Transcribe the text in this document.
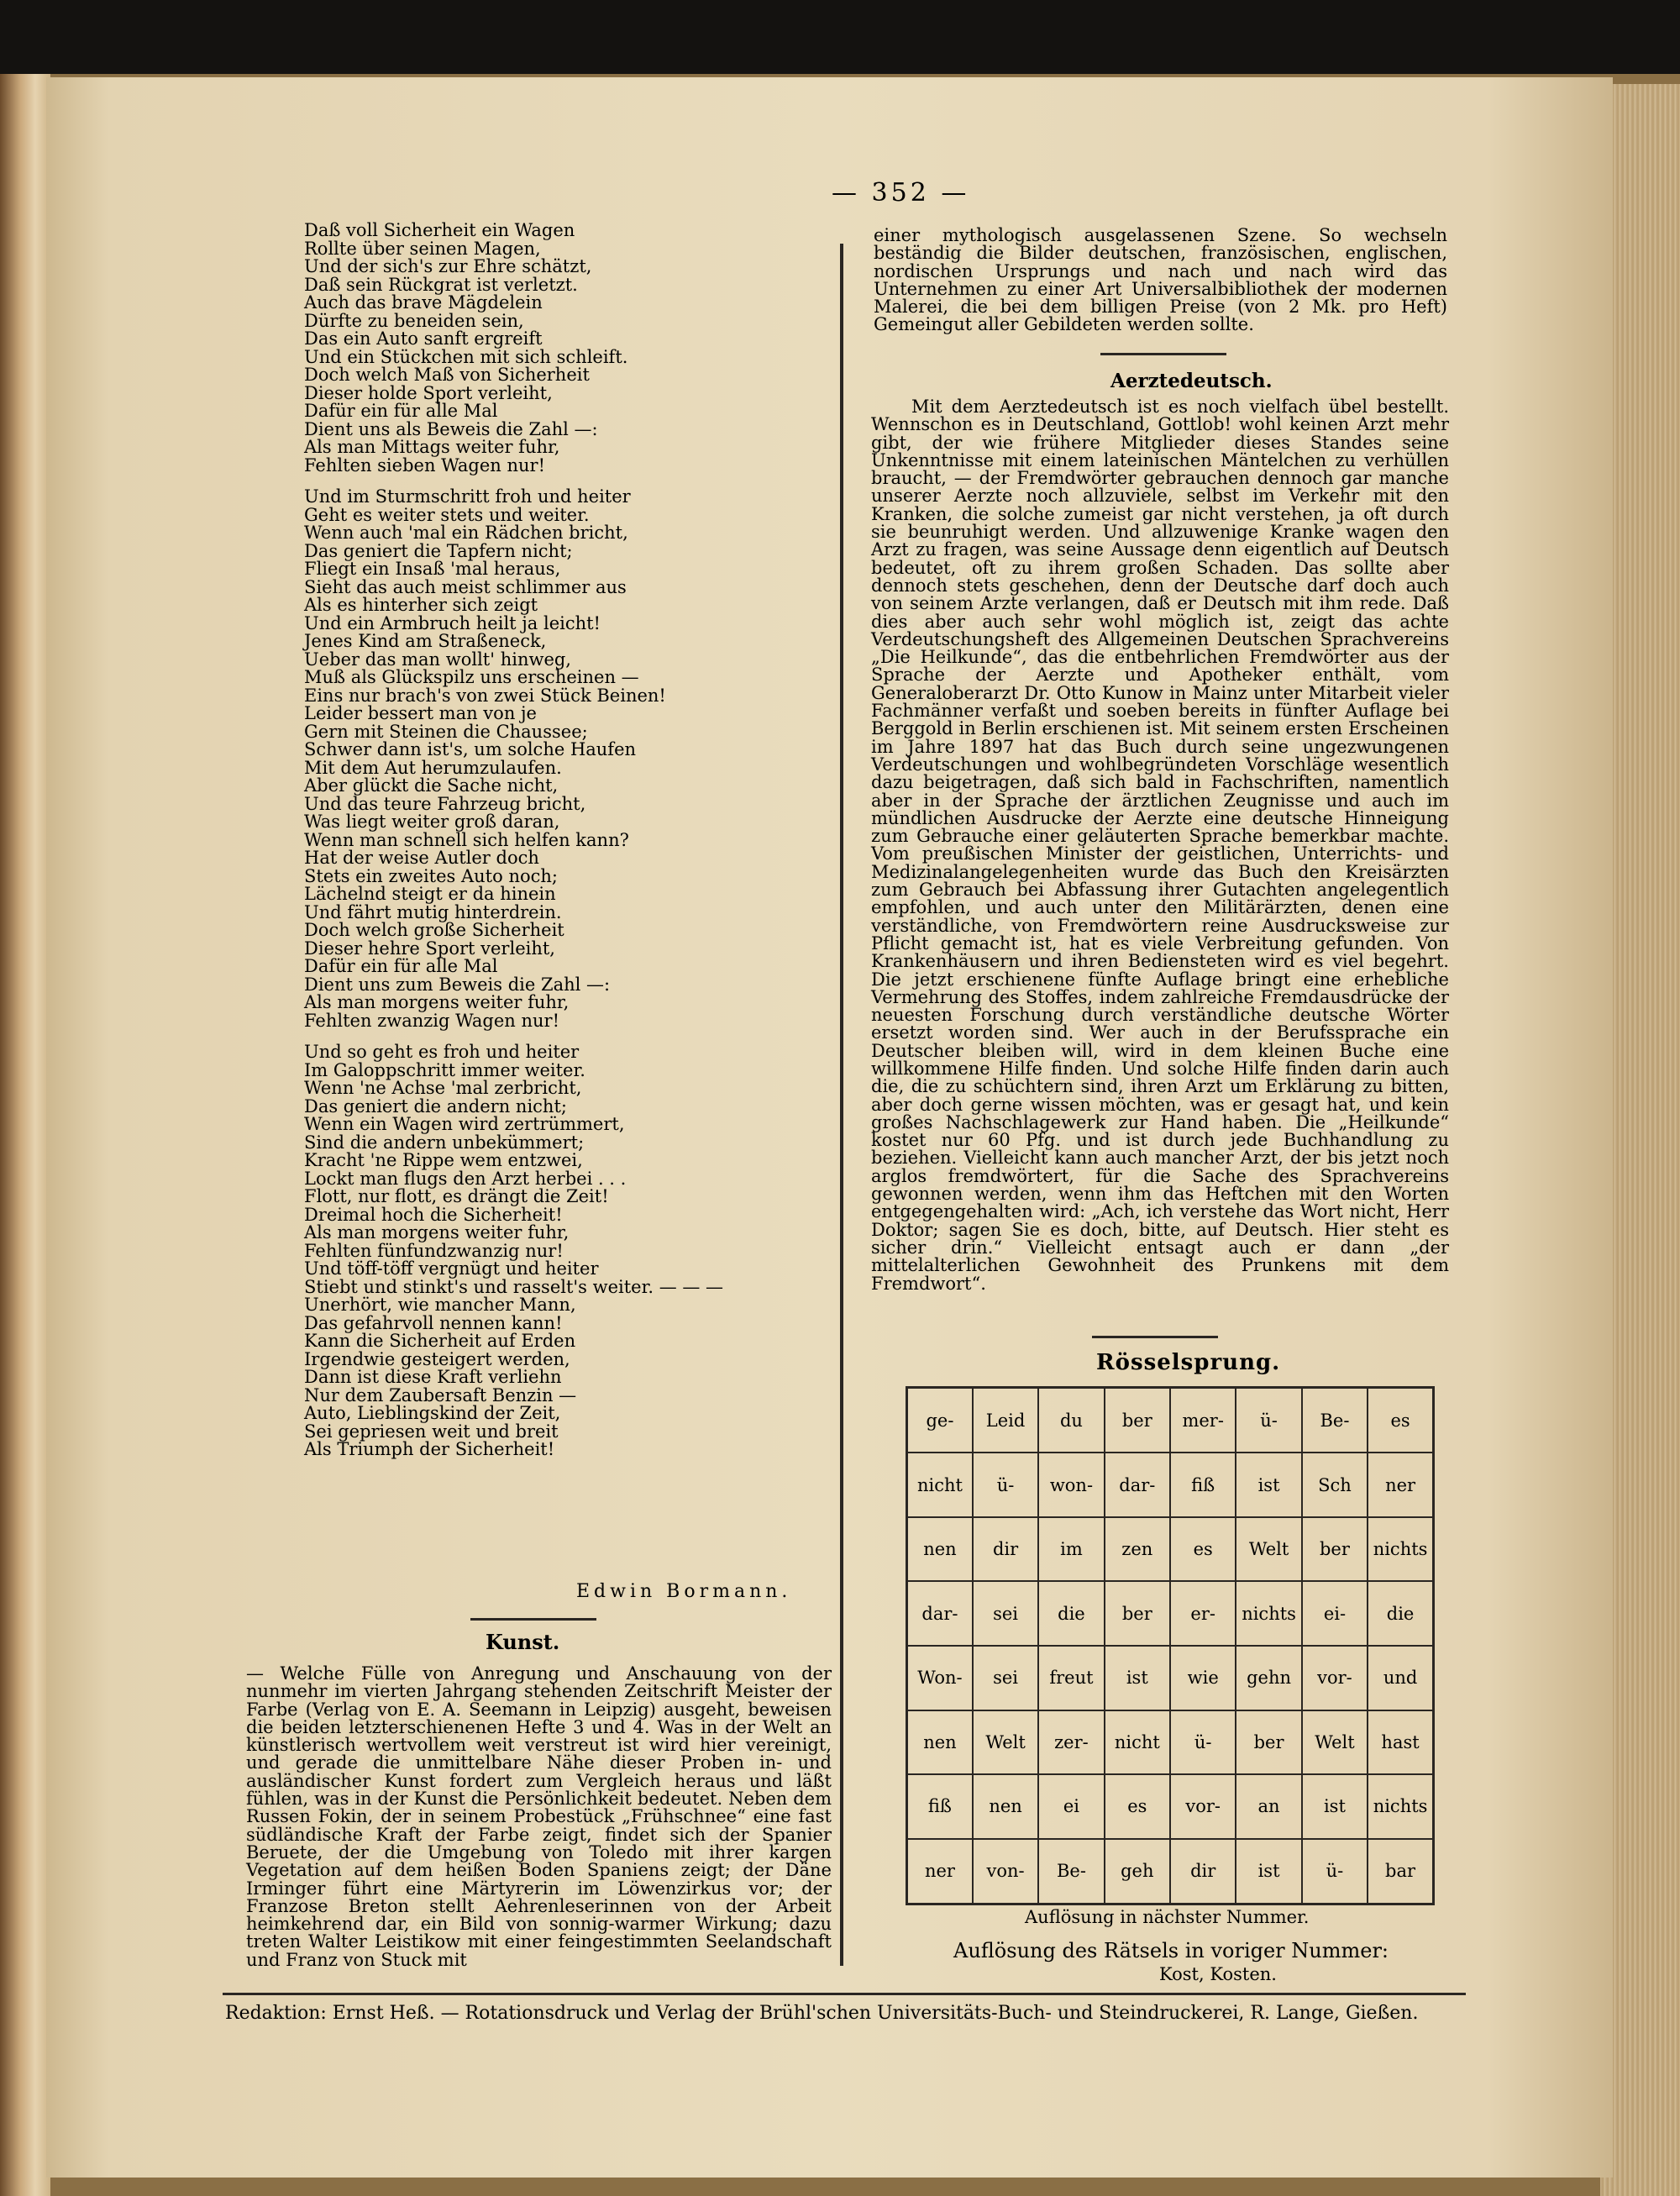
— 352 —
Daß voll Sicherheit ein Wagen
Rollte über seinen Magen,
Und der sich's zur Ehre schätzt,
Daß sein Rückgrat ist verletzt.
Auch das brave Mägdelein
Dürfte zu beneiden sein,
Das ein Auto sanft ergreift
Und ein Stückchen mit sich schleift.
Doch welch Maß von Sicherheit
Dieser holde Sport verleiht,
Dafür ein für alle Mal
Dient uns als Beweis die Zahl —:
Als man Mittags weiter fuhr,
Fehlten sieben Wagen nur!
Und im Sturmschritt froh und heiter
Geht es weiter stets und weiter.
Wenn auch 'mal ein Rädchen bricht,
Das geniert die Tapfern nicht;
Fliegt ein Insaß 'mal heraus,
Sieht das auch meist schlimmer aus
Als es hinterher sich zeigt
Und ein Armbruch heilt ja leicht!
Jenes Kind am Straßeneck,
Ueber das man wollt' hinweg,
Muß als Glückspilz uns erscheinen —
Eins nur brach's von zwei Stück Beinen!
Leider bessert man von je
Gern mit Steinen die Chaussee;
Schwer dann ist's, um solche Haufen
Mit dem Aut herumzulaufen.
Aber glückt die Sache nicht,
Und das teure Fahrzeug bricht,
Was liegt weiter groß daran,
Wenn man schnell sich helfen kann?
Hat der weise Autler doch
Stets ein zweites Auto noch;
Lächelnd steigt er da hinein
Und fährt mutig hinterdrein.
Doch welch große Sicherheit
Dieser hehre Sport verleiht,
Dafür ein für alle Mal
Dient uns zum Beweis die Zahl —:
Als man morgens weiter fuhr,
Fehlten zwanzig Wagen nur!
Und so geht es froh und heiter
Im Galoppschritt immer weiter.
Wenn 'ne Achse 'mal zerbricht,
Das geniert die andern nicht;
Wenn ein Wagen wird zertrümmert,
Sind die andern unbekümmert;
Kracht 'ne Rippe wem entzwei,
Lockt man flugs den Arzt herbei . . .
Flott, nur flott, es drängt die Zeit!
Dreimal hoch die Sicherheit!
Als man morgens weiter fuhr,
Fehlten fünfundzwanzig nur!
Und töff-töff vergnügt und heiter
Stiebt und stinkt's und rasselt's weiter. — — —
Unerhört, wie mancher Mann,
Das gefahrvoll nennen kann!
Kann die Sicherheit auf Erden
Irgendwie gesteigert werden,
Dann ist diese Kraft verliehn
Nur dem Zaubersaft Benzin —
Auto, Lieblingskind der Zeit,
Sei gepriesen weit und breit
Als Triumph der Sicherheit!
Edwin Bormann.
Kunst.
— Welche Fülle von Anregung und Anschauung von der nunmehr im vierten Jahrgang stehenden Zeitschrift Meister der Farbe (Verlag von E. A. Seemann in Leipzig) ausgeht, beweisen die beiden letzterschienenen Hefte 3 und 4. Was in der Welt an künstlerisch wertvollem weit verstreut ist wird hier vereinigt, und gerade die unmittelbare Nähe dieser Proben in- und ausländischer Kunst fordert zum Vergleich heraus und läßt fühlen, was in der Kunst die Persönlichkeit bedeutet. Neben dem Russen Fokin, der in seinem Probestück „Frühschnee“ eine fast südländische Kraft der Farbe zeigt, findet sich der Spanier Beruete, der die Umgebung von Toledo mit ihrer kargen Vegetation auf dem heißen Boden Spaniens zeigt; der Däne Irminger führt eine Märtyrerin im Löwenzirkus vor; der Franzose Breton stellt Aehrenleserinnen von der Arbeit heimkehrend dar, ein Bild von sonnig-warmer Wirkung; dazu treten Walter Leistikow mit einer feingestimmten Seelandschaft und Franz von Stuck mit
einer mythologisch ausgelassenen Szene. So wechseln beständig die Bilder deutschen, französischen, englischen, nordischen Ursprungs und nach und nach wird das Unternehmen zu einer Art Universalbibliothek der modernen Malerei, die bei dem billigen Preise (von 2 Mk. pro Heft) Gemeingut aller Gebildeten werden sollte.
Aerztedeutsch.
Mit dem Aerztedeutsch ist es noch vielfach übel bestellt. Wennschon es in Deutschland, Gottlob! wohl keinen Arzt mehr gibt, der wie frühere Mitglieder dieses Standes seine Unkenntnisse mit einem lateinischen Mäntelchen zu verhüllen braucht, — der Fremdwörter gebrauchen dennoch gar manche unserer Aerzte noch allzuviele, selbst im Verkehr mit den Kranken, die solche zumeist gar nicht verstehen, ja oft durch sie beunruhigt werden. Und allzuwenige Kranke wagen den Arzt zu fragen, was seine Aussage denn eigentlich auf Deutsch bedeutet, oft zu ihrem großen Schaden. Das sollte aber dennoch stets geschehen, denn der Deutsche darf doch auch von seinem Arzte verlangen, daß er Deutsch mit ihm rede. Daß dies aber auch sehr wohl möglich ist, zeigt das achte Verdeutschungsheft des Allgemeinen Deutschen Sprachvereins „Die Heilkunde“, das die entbehrlichen Fremdwörter aus der Sprache der Aerzte und Apotheker enthält, vom Generaloberarzt Dr. Otto Kunow in Mainz unter Mitarbeit vieler Fachmänner verfaßt und soeben bereits in fünfter Auflage bei Berggold in Berlin erschienen ist. Mit seinem ersten Erscheinen im Jahre 1897 hat das Buch durch seine ungezwungenen Verdeutschungen und wohlbegründeten Vorschläge wesentlich dazu beigetragen, daß sich bald in Fachschriften, namentlich aber in der Sprache der ärztlichen Zeugnisse und auch im mündlichen Ausdrucke der Aerzte eine deutsche Hinneigung zum Gebrauche einer geläuterten Sprache bemerkbar machte. Vom preußischen Minister der geistlichen, Unterrichts- und Medizinalangelegenheiten wurde das Buch den Kreisärzten zum Gebrauch bei Abfassung ihrer Gutachten angelegentlich empfohlen, und auch unter den Militärärzten, denen eine verständliche, von Fremdwörtern reine Ausdrucksweise zur Pflicht gemacht ist, hat es viele Verbreitung gefunden. Von Krankenhäusern und ihren Bediensteten wird es viel begehrt. Die jetzt erschienene fünfte Auflage bringt eine erhebliche Vermehrung des Stoffes, indem zahlreiche Fremdausdrücke der neuesten Forschung durch verständliche deutsche Wörter ersetzt worden sind. Wer auch in der Berufssprache ein Deutscher bleiben will, wird in dem kleinen Buche eine willkommene Hilfe finden. Und solche Hilfe finden darin auch die, die zu schüchtern sind, ihren Arzt um Erklärung zu bitten, aber doch gerne wissen möchten, was er gesagt hat, und kein großes Nachschlagewerk zur Hand haben. Die „Heilkunde“ kostet nur 60 Pfg. und ist durch jede Buchhandlung zu beziehen. Vielleicht kann auch mancher Arzt, der bis jetzt noch arglos fremdwörtert, für die Sache des Sprachvereins gewonnen werden, wenn ihm das Heftchen mit den Worten entgegengehalten wird: „Ach, ich verstehe das Wort nicht, Herr Doktor; sagen Sie es doch, bitte, auf Deutsch. Hier steht es sicher drin.“ Vielleicht entsagt auch er dann „der mittelalterlichen Gewohnheit des Prunkens mit dem Fremdwort“.
Rösselsprung.
ge-	Leid	du	ber	mer-	ü-	Be-	es
nicht	ü-	won-	dar-	fiß	ist	Sch	ner
nen	dir	im	zen	es	Welt	ber	nichts
dar-	sei	die	ber	er-	nichts	ei-	die
Won-	sei	freut	ist	wie	gehn	vor-	und
nen	Welt	zer-	nicht	ü-	ber	Welt	hast
fiß	nen	ei	es	vor-	an	ist	nichts
ner	von-	Be-	geh	dir	ist	ü-	bar
Auflösung in nächster Nummer.
Auflösung des Rätsels in voriger Nummer:
Kost, Kosten.
Redaktion: Ernst Heß. — Rotationsdruck und Verlag der Brühl'schen Universitäts-Buch- und Steindruckerei, R. Lange, Gießen.
